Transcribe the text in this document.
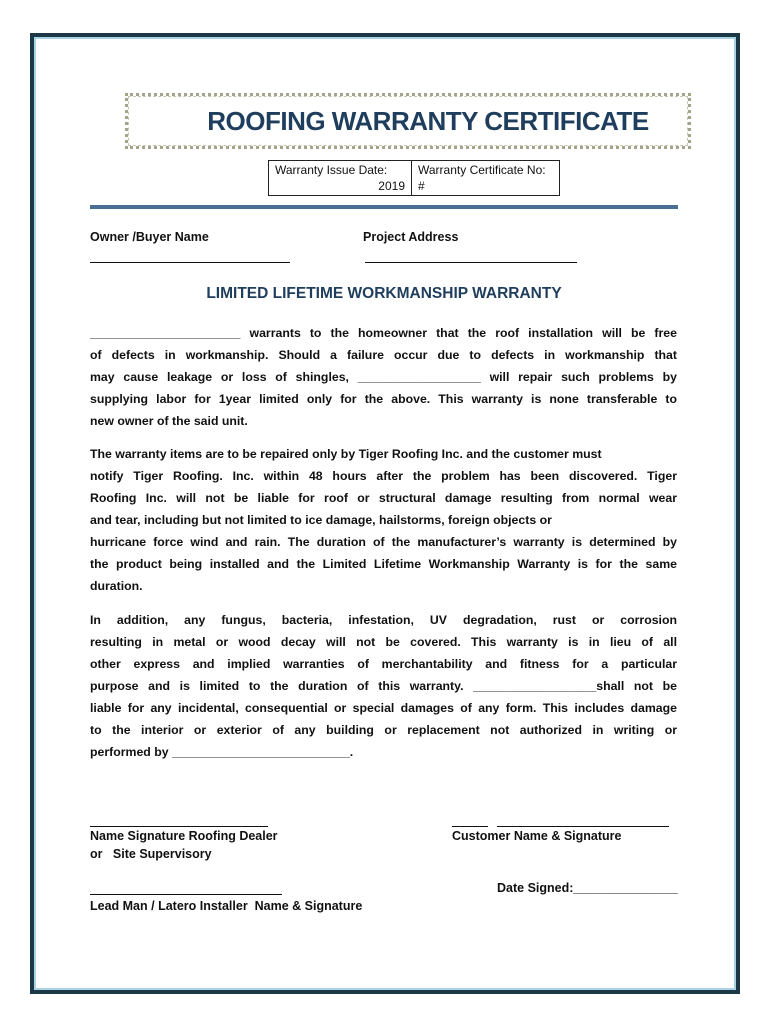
ROOFING WARRANTY CERTIFICATE
Warranty Issue Date:
2019

Warranty Certificate No:
#
Owner /Buyer Name	Project Address
LIMITED LIFETIME WORKMANSHIP WARRANTY
______________________ warrants to the homeowner that the roof installation will be free
of defects in workmanship. Should a failure occur due to defects in workmanship that
may cause leakage or loss of shingles, __________________ will repair such problems by
supplying labor for 1year limited only for the above. This warranty is none transferable to
new owner of the said unit.
The warranty items are to be repaired only by Tiger Roofing Inc. and the customer must
notify Tiger Roofing. Inc. within 48 hours after the problem has been discovered. Tiger
Roofing Inc. will not be liable for roof or structural damage resulting from normal wear
and tear, including but not limited to ice damage, hailstorms, foreign objects or
hurricane force wind and rain. The duration of the manufacturer’s warranty is determined by
the product being installed and the Limited Lifetime Workmanship Warranty is for the same
duration.
In addition, any fungus, bacteria, infestation, UV degradation, rust or corrosion
resulting in metal or wood decay will not be covered. This warranty is in lieu of all
other express and implied warranties of merchantability and fitness for a particular
purpose and is limited to the duration of this warranty. __________________shall not be
liable for any incidental, consequential or special damages of any form. This includes damage
to the interior or exterior of any building or replacement not authorized in writing or
performed by __________________________.
Name Signature Roofing Dealer
or   Site Supervisory
Customer Name & Signature
Lead Man / Latero Installer  Name & Signature
Date Signed:_______________
